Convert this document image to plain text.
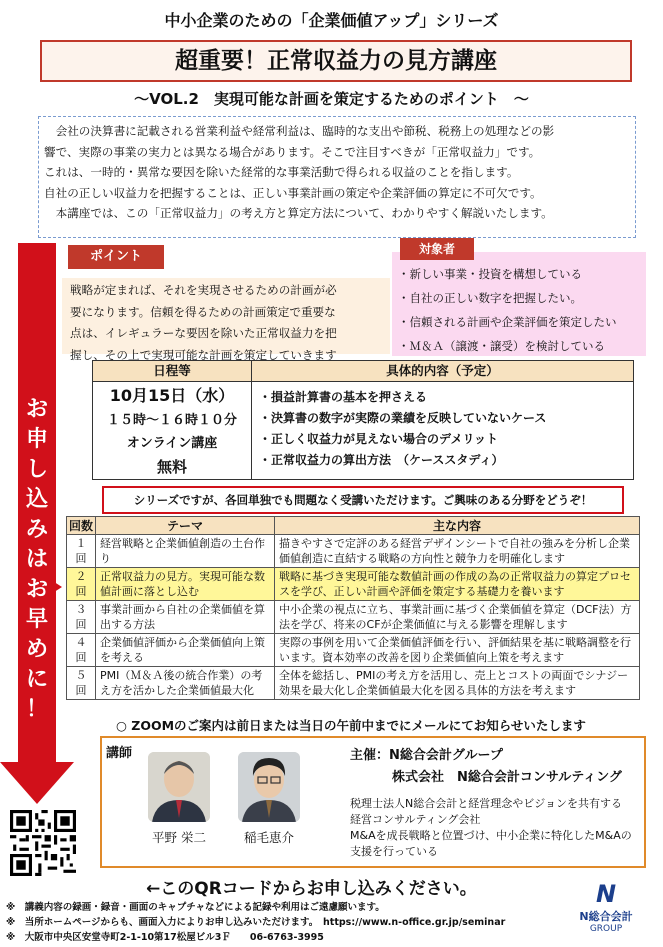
中小企業のための「企業価値アップ」シリーズ
超重要！正常収益力の見方講座
～VOL.2　実現可能な計画を策定するためのポイント　～

　会社の決算書に記載される営業利益や経常利益は、臨時的な支出や節税、税務上の処理などの影

響で、実際の事業の実力とは異なる場合があります。そこで注目すべきが「正常収益力」です。

これは、一時的・異常な要因を除いた経常的な事業活動で得られる収益のことを指します。

自社の正しい収益力を把握することは、正しい事業計画の策定や企業評価の算定に不可欠です。

　本講座では、この「正常収益力」の考え方と算定方法について、わかりやすく解説いたします。

お
申
し
込
み
は
お
早
め
に
！
ポイント

戦略が定まれば、それを実現させるための計画が必

要になります。信頼を得るための計画策定で重要な

点は、イレギュラーな要因を除いた正常収益力を把

握し、その上で実現可能な計画を策定していきます

対象者
・新しい事業・投資を構想している
・自社の正しい数字を把握したい。
・信頼される計画や企業評価を策定したい
・Ｍ＆Ａ（譲渡・譲受）を検討している
日程等	具体的内容（予定）
10月15日（水）
１５時～１６時１０分
オンライン講座
無料
・損益計算書の基本を押さえる
・決算書の数字が実際の業績を反映していないケース
・正しく収益力が見えない場合のデメリット
・正常収益力の算出方法　（ケーススタディ）
シリーズですが、各回単独でも問題なく受講いただけます。ご興味のある分野をどうぞ！
回数	テーマ	主な内容
１回	経営戦略と企業価値創造の土台作り	描きやすさで定評のある経営デザインシートで自社の強みを分析し企業価値創造に直結する戦略の方向性と競争力を明確化します
２回	正常収益力の見方。実現可能な数値計画に落とし込む	戦略に基づき実現可能な数値計画の作成の為の正常収益力の算定プロセスを学び、正しい計画や評価を策定する基礎力を養います
３回	事業計画から自社の企業価値を算出する方法	中小企業の視点に立ち、事業計画に基づく企業価値を算定（DCF法）方法を学び、将来のCFが企業価値に与える影響を理解します
４回	企業価値評価から企業価値向上策を考える	実際の事例を用いて企業価値評価を行い、評価結果を基に戦略調整を行います。資本効率の改善を図り企業価値向上策を考えます
５回	PMI（Ｍ＆Ａ後の統合作業）の考え方を活かした企業価値最大化	全体を総括し、PMIの考え方を活用し、売上とコストの両面でシナジー効果を最大化し企業価値最大化を図る具体的方法を考えます
○ ZOOMのご案内は前日または当日の午前中までにメールにてお知らせいたします
講師
平野 栄二	稲毛恵介
主催：N総合会計グループ
株式会社　N総合会計コンサルティング
税理士法人N総合会計と経営理念やビジョンを共有する
経営コンサルティング会社
M&Aを成長戦略と位置づけ、中小企業に特化したM&Aの
支援を行っている
←このQRコードからお申し込みください。
※　講義内容の録画・録音・画面のキャプチャなどによる記録や利用はご遠慮願います。
※　当所ホームページからも、画面入力によりお申し込みいただけます。　https://www.n-office.gr.jp/seminar
※　大阪市中央区安堂寺町2-1-10第17松屋ビル3Ｆ　　06-6763-3995
N
N総合会計
GROUP
